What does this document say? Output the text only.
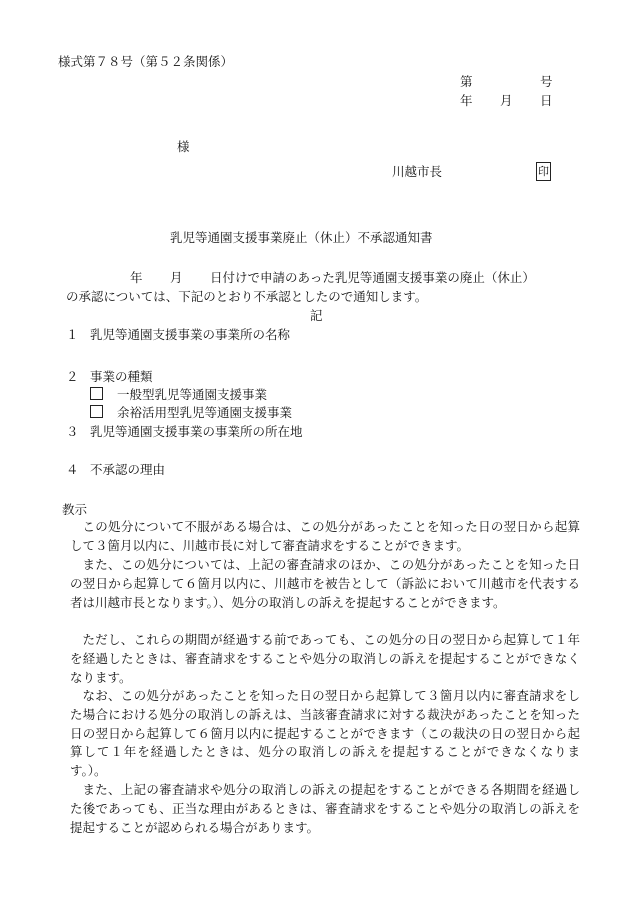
様式第７８号（第５２条関係）
第	号
年 月 日
様
川越市長	印
乳児等通園支援事業廃止（休止）不承認通知書
年 月 日付けで申請のあった乳児等通園支援事業の廃止（休止）
の承認については、下記のとおり不承認としたので通知します。
記
１ 乳児等通園支援事業の事業所の名称
２ 事業の種類
一般型乳児等通園支援事業
余裕活用型乳児等通園支援事業
３ 乳児等通園支援事業の事業所の所在地
４ 不承認の理由
教示
この処分について不服がある場合は、この処分があったことを知った日の翌日から起算して３箇月以内に、川越市長に対して審査請求をすることができます。
また、この処分については、上記の審査請求のほか、この処分があったことを知った日の翌日から起算して６箇月以内に、川越市を被告として（訴訟において川越市を代表する者は川越市長となります。）、処分の取消しの訴えを提起することができます。
ただし、これらの期間が経過する前であっても、この処分の日の翌日から起算して１年を経過したときは、審査請求をすることや処分の取消しの訴えを提起することができなくなります。
なお、この処分があったことを知った日の翌日から起算して３箇月以内に審査請求をした場合における処分の取消しの訴えは、当該審査請求に対する裁決があったことを知った日の翌日から起算して６箇月以内に提起することができます（この裁決の日の翌日から起算して１年を経過したときは、処分の取消しの訴えを提起することができなくなります。）。
また、上記の審査請求や処分の取消しの訴えの提起をすることができる各期間を経過した後であっても、正当な理由があるときは、審査請求をすることや処分の取消しの訴えを提起することが認められる場合があります。
